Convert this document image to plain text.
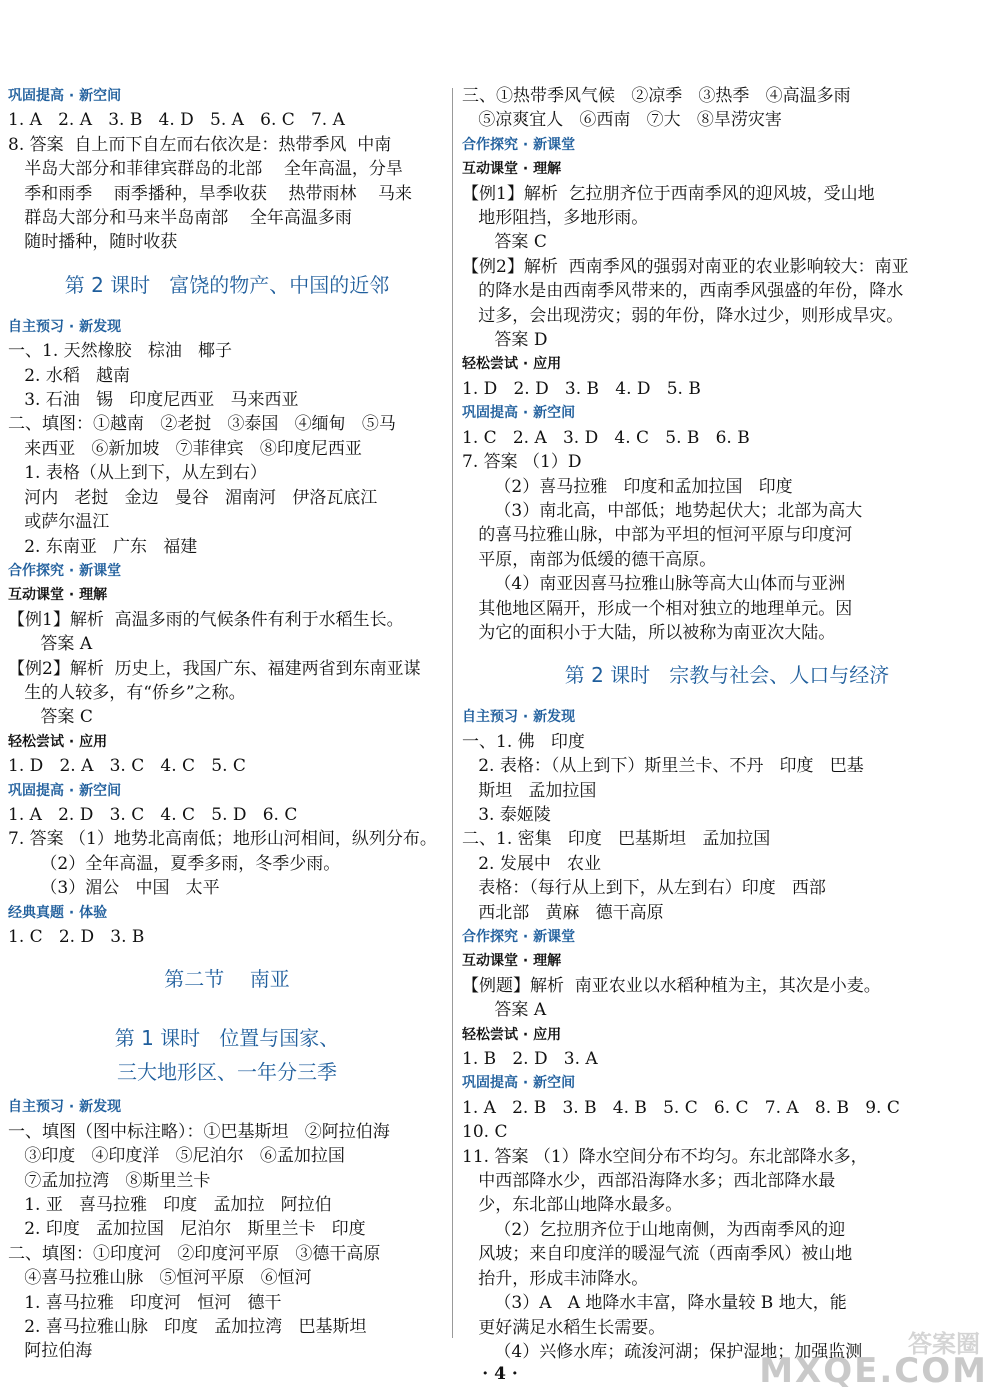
巩固提高 · 新空间

1. A   2. A   3. B   4. D   5. A   6. C   7. A

8. 答案  自上而下自左而右依次是：热带季风  中南

半岛大部分和菲律宾群岛的北部    全年高温，分旱

季和雨季    雨季播种，旱季收获    热带雨林    马来

群岛大部分和马来半岛南部    全年高温多雨

随时播种，随时收获

第 2 课时   富饶的物产、中国的近邻

自主预习 · 新发现

一、1. 天然橡胶   棕油   椰子

2. 水稻   越南

3. 石油   锡   印度尼西亚   马来西亚

二、填图：①越南   ②老挝   ③泰国   ④缅甸   ⑤马

来西亚   ⑥新加坡   ⑦菲律宾   ⑧印度尼西亚

1. 表格（从上到下，从左到右）

河内   老挝   金边   曼谷   湄南河   伊洛瓦底江

或萨尔温江

2. 东南亚   广东   福建

合作探究 · 新课堂

互动课堂 · 理解

【例1】解析  高温多雨的气候条件有利于水稻生长。

答案 A

【例2】解析  历史上，我国广东、福建两省到东南亚谋

生的人较多，有“侨乡”之称。

答案 C

轻松尝试 · 应用

1. D   2. A   3. C   4. C   5. C

巩固提高 · 新空间

1. A   2. D   3. C   4. C   5. D   6. C

7. 答案 （1）地势北高南低；地形山河相间，纵列分布。

（2）全年高温，夏季多雨，冬季少雨。

（3）湄公   中国   太平

经典真题 · 体验

1. C   2. D   3. B

第二节    南亚

第 1 课时   位置与国家、
三大地形区、一年分三季

自主预习 · 新发现

一、填图（图中标注略）：①巴基斯坦   ②阿拉伯海

③印度   ④印度洋   ⑤尼泊尔   ⑥孟加拉国

⑦孟加拉湾   ⑧斯里兰卡

1. 亚   喜马拉雅   印度   孟加拉   阿拉伯

2. 印度   孟加拉国   尼泊尔   斯里兰卡   印度

二、填图：①印度河   ②印度河平原   ③德干高原

④喜马拉雅山脉   ⑤恒河平原   ⑥恒河

1. 喜马拉雅   印度河   恒河   德干

2. 喜马拉雅山脉   印度   孟加拉湾   巴基斯坦

阿拉伯海

三、①热带季风气候   ②凉季   ③热季   ④高温多雨

⑤凉爽宜人   ⑥西南   ⑦大   ⑧旱涝灾害

合作探究 · 新课堂

互动课堂 · 理解

【例1】解析  乞拉朋齐位于西南季风的迎风坡，受山地

地形阻挡，多地形雨。

答案 C

【例2】解析  西南季风的强弱对南亚的农业影响较大：南亚

的降水是由西南季风带来的，西南季风强盛的年份，降水

过多，会出现涝灾；弱的年份，降水过少，则形成旱灾。

答案 D

轻松尝试 · 应用

1. D   2. D   3. B   4. D   5. B

巩固提高 · 新空间

1. C   2. A   3. D   4. C   5. B   6. B

7. 答案 （1）D

（2）喜马拉雅   印度和孟加拉国   印度

（3）南北高，中部低；地势起伏大；北部为高大

的喜马拉雅山脉，中部为平坦的恒河平原与印度河

平原，南部为低缓的德干高原。

（4）南亚因喜马拉雅山脉等高大山体而与亚洲

其他地区隔开，形成一个相对独立的地理单元。因

为它的面积小于大陆，所以被称为南亚次大陆。

第 2 课时   宗教与社会、人口与经济

自主预习 · 新发现

一、1. 佛   印度

2. 表格：（从上到下）斯里兰卡、不丹   印度   巴基

斯坦   孟加拉国

3. 泰姬陵

二、1. 密集   印度   巴基斯坦   孟加拉国

2. 发展中   农业

表格：（每行从上到下，从左到右）印度   西部

西北部   黄麻   德干高原

合作探究 · 新课堂

互动课堂 · 理解

【例题】解析  南亚农业以水稻种植为主，其次是小麦。

答案 A

轻松尝试 · 应用

1. B   2. D   3. A

巩固提高 · 新空间

1. A   2. B   3. B   4. B   5. C   6. C   7. A   8. B   9. C

10. C

11. 答案 （1）降水空间分布不均匀。东北部降水多，

中西部降水少，西部沿海降水多；西北部降水最

少，东北部山地降水最多。

（2）乞拉朋齐位于山地南侧，为西南季风的迎

风坡；来自印度洋的暖湿气流（西南季风）被山地

抬升，形成丰沛降水。

（3）A   A 地降水丰富，降水量较 B 地大，能

更好满足水稻生长需要。

（4）兴修水库；疏浚河湖；保护湿地；加强监测

· 4 ·
答案圈
MXQE.COM
